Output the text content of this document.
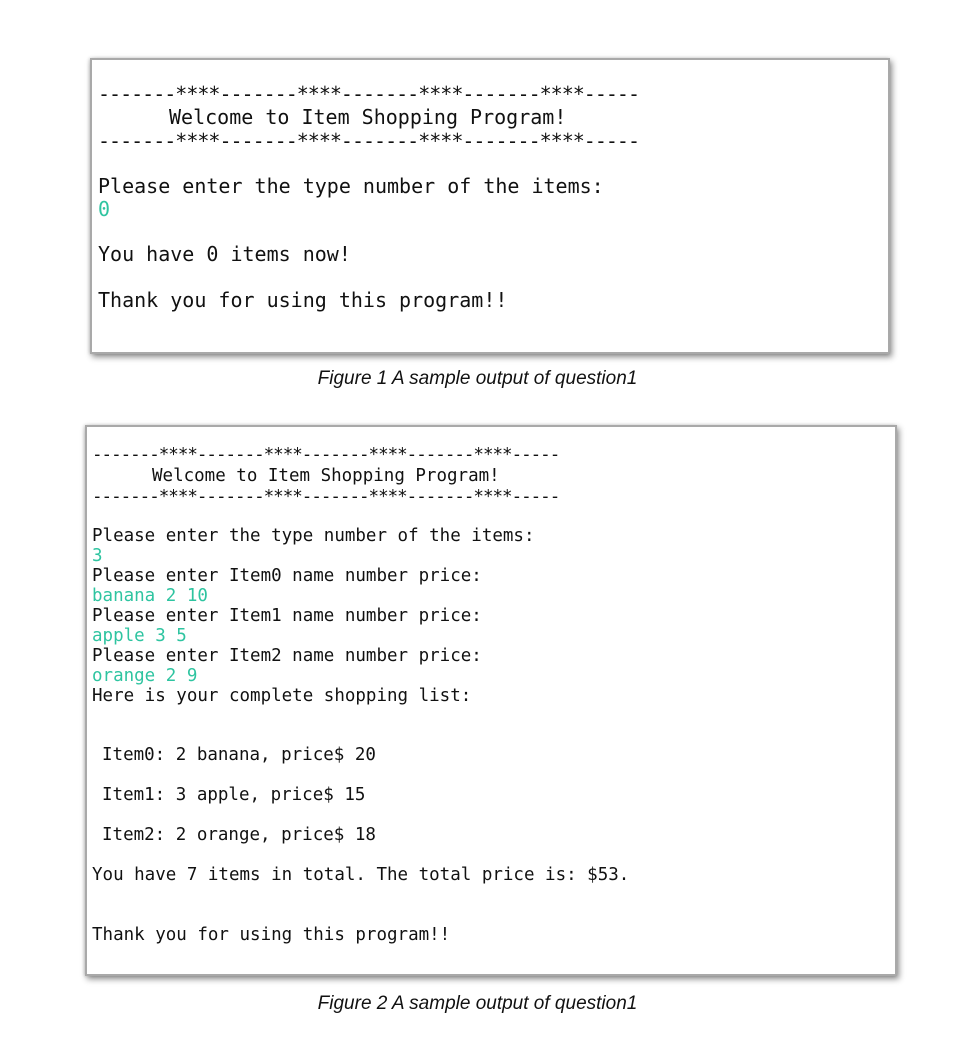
-------****-------****-------****-------****-----
Welcome to Item Shopping Program!
-------****-------****-------****-------****-----
Please enter the type number of the items:
0
You have 0 items now!
Thank you for using this program!!
Figure 1 A sample output of question1
-------****-------****-------****-------****-----
Welcome to Item Shopping Program!
-------****-------****-------****-------****-----
Please enter the type number of the items:
3
Please enter Item0 name number price:
banana 2 10
Please enter Item1 name number price:
apple 3 5
Please enter Item2 name number price:
orange 2 9
Here is your complete shopping list:
Item0: 2 banana, price$ 20
Item1: 3 apple, price$ 15
Item2: 2 orange, price$ 18
You have 7 items in total. The total price is: $53.
Thank you for using this program!!
Figure 2 A sample output of question1
